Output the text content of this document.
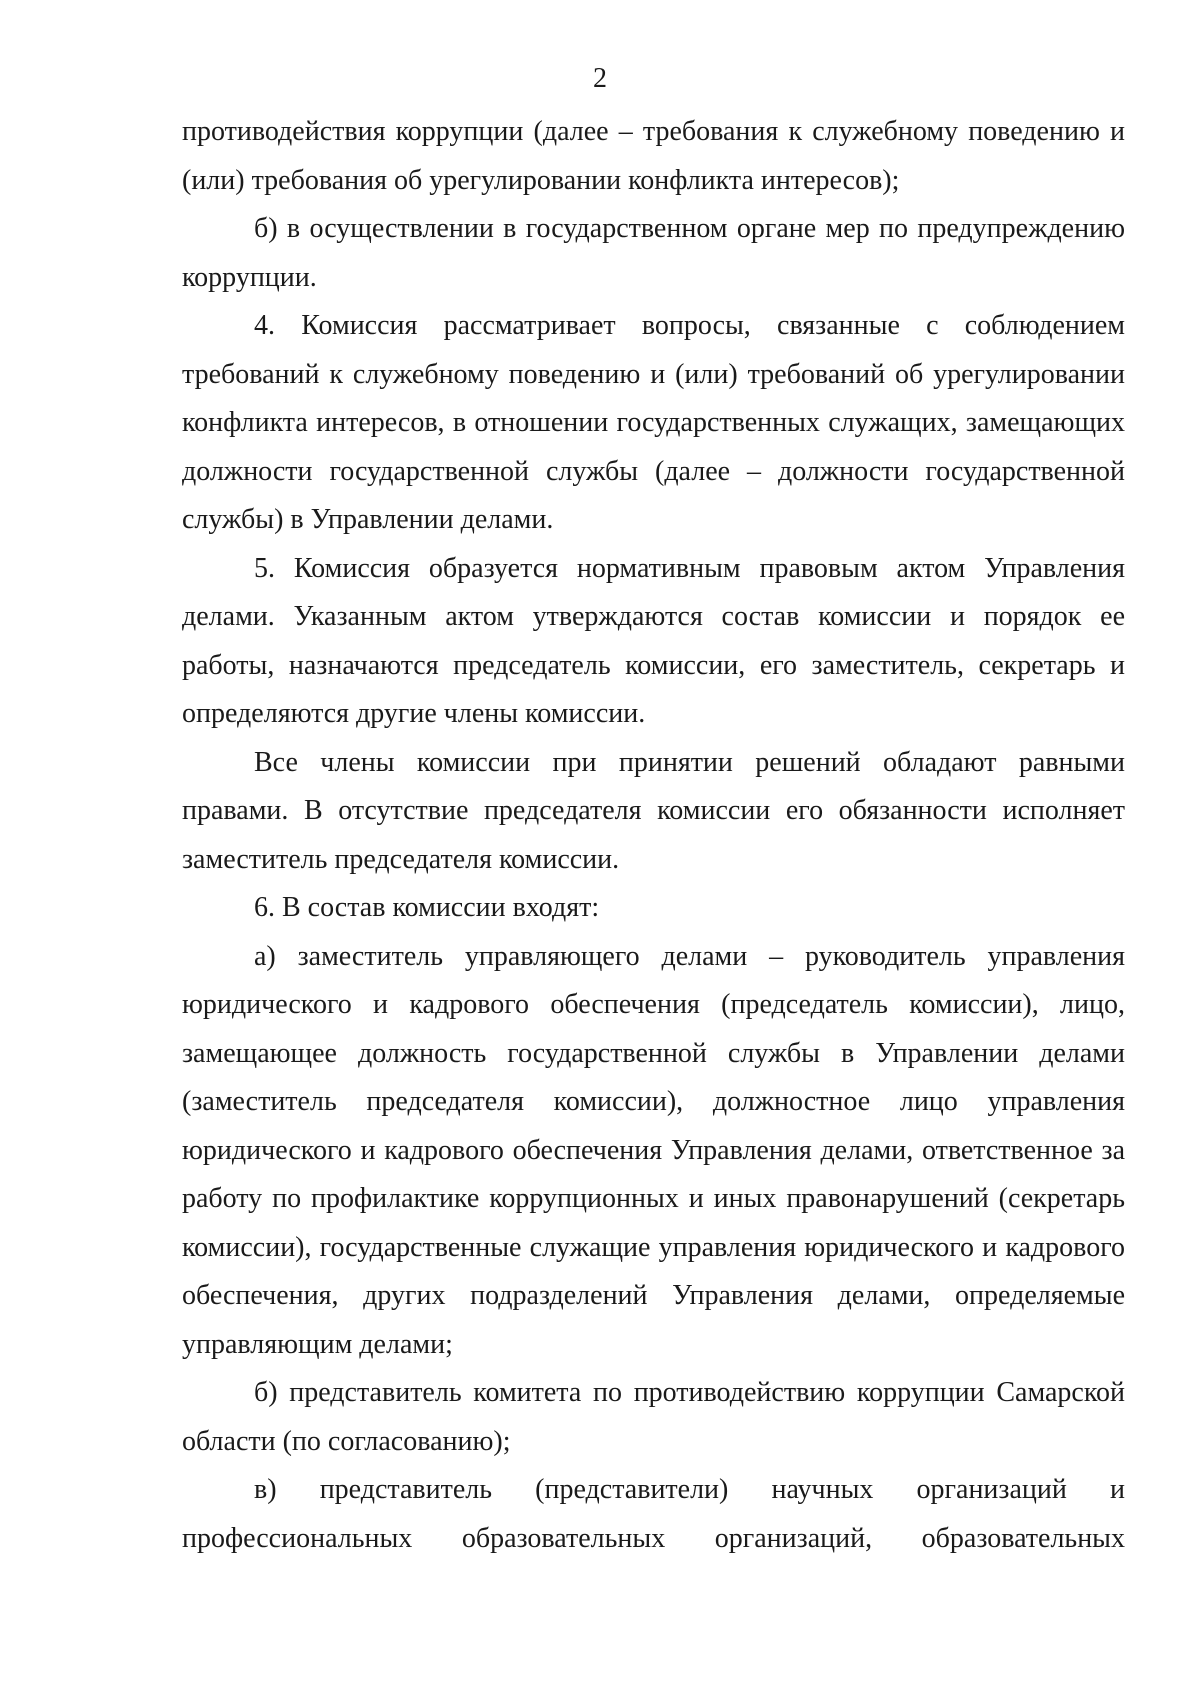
2

противодействия коррупции (далее – требования к служебному поведению и (или) требования об урегулировании конфликта интересов);

б) в осуществлении в государственном органе мер по предупреждению коррупции.

4. Комиссия рассматривает вопросы, связанные с соблюдением требований к служебному поведению и (или) требований об урегулировании конфликта интересов, в отношении государственных служащих, замещающих должности государственной службы (далее – должности государственной службы) в Управлении делами.

5. Комиссия образуется нормативным правовым актом Управления делами. Указанным актом утверждаются состав комиссии и порядок ее работы, назначаются председатель комиссии, его заместитель, секретарь и определяются другие члены комиссии.

Все члены комиссии при принятии решений обладают равными правами. В отсутствие председателя комиссии его обязанности исполняет заместитель председателя комиссии.

6. В состав комиссии входят:

а) заместитель управляющего делами – руководитель управления юридического и кадрового обеспечения (председатель комиссии), лицо, замещающее должность государственной службы в Управлении делами (заместитель председателя комиссии), должностное лицо управления юридического и кадрового обеспечения Управления делами, ответственное за работу по профилактике коррупционных и иных правонарушений (секретарь комиссии), государственные служащие управления юридического и кадрового обеспечения, других подразделений Управления делами, определяемые управляющим делами;

б) представитель комитета по противодействию коррупции Самарской области (по согласованию);

в) представитель (представители) научных организаций и профессиональных образовательных организаций, образовательных
